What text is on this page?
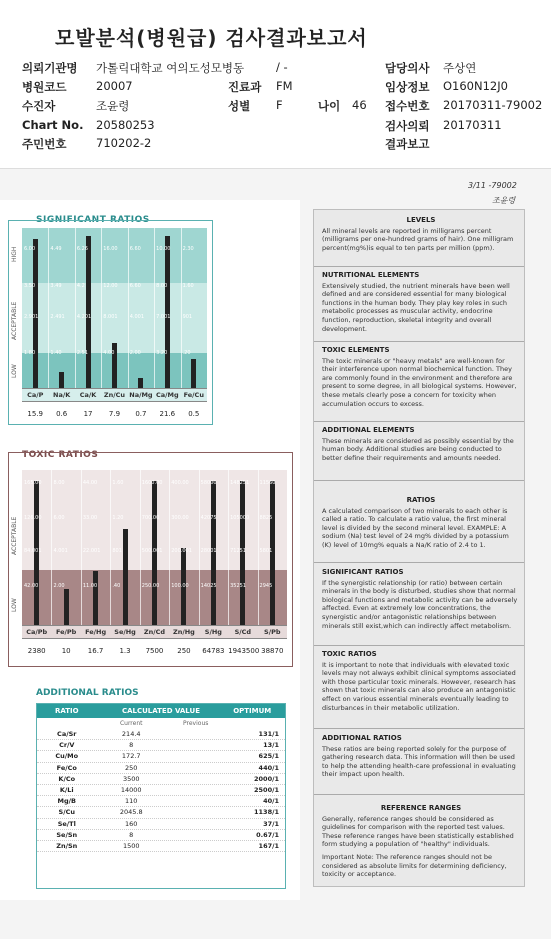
모발분석(병원급) 검사결과보고서
의뢰기관명 가톨릭대학교 여의도성모병동	/ -	담당의사 주상연
병원코드	20007	진료과 FM	임상정보 O160N12J0
수진자	조윤령	성별 F	나이 46 접수번호 20170311-79002
Chart No. 20580253	검사의뢰 20170311
주민번호	710202-2	결과보고
3/11 -79002
조윤령
SIGNIFICANT RATIOS
HIGH
ACCEPTABLE
LOW
TOXIC RATIOS
ACCEPTABLE
LOW
6.00
3.50
2.901
1.80
Ca/P
15.9
4.49
3.49
2.491
1.40
Na/K
0.6
6.26
4.2
4.201
2.51
Ca/K
17
16.00
12.00
8.001
4.00
Zn/Cu
7.9
6.60
6.60
4.001
2.00
Na/Mg
0.7
10.00
8.00
7.001
3.20
Ca/Mg
21.6
2.30
1.60
901
.20
Fe/Cu
0.5
165.00
126.00
84.001
42.00
Ca/Pb
2380
8.00
6.00
4.001
2.00
Fe/Pb
10
44.00
33.00
22.001
11.00
Fe/Hg
16.7
1.60
1.20
801
.40
Se/Hg
1.3
1600.00
700.00
500.001
250.00
Zn/Cd
7500
400.00
300.00
200.001
100.00
Zn/Hg
250
58000
42075
28001
14025
S/Hg
64783
148251
105000
71251
35251
S/Cd
1943500
11560
8825
5801
2945
S/Pb
38870
ADDITIONAL RATIOS
RATIO	CALCULATED VALUE	OPTIMUM
Current	Previous
Ca/Sr	214.4	131/1
Cr/V	8	13/1
Cu/Mo	172.7	625/1
Fe/Co	250	440/1
K/Co	3500	2000/1
K/Li	14000	2500/1
Mg/B	110	40/1
S/Cu	2045.8	1138/1
Se/Tl	160	37/1
Se/Sn	8	0.67/1
Zn/Sn	1500	167/1
LEVELS
All mineral levels are reported in milligrams percent (milligrams per one-hundred grams of hair). One milligram percent(mg%)is equal to ten parts per million (ppm).
NUTRITIONAL ELEMENTS
Extensively studied, the nutrient minerals have been well defined and are considered essential for many biological functions in the human body. They play key roles in such metabolic processes as muscular activity, endocrine function, reproduction, skeletal integrity and overall development.
TOXIC ELEMENTS
The toxic minerals or "heavy metals" are well-known for their interference upon normal biochemical function. They are commonly found in the environment and therefore are present to some degree, in all biological systems. However, these metals clearly pose a concern for toxicity when accumulation occurs to excess.
ADDITIONAL ELEMENTS
These minerals are considered as possibly essential by the human body. Additional studies are being conducted to better define their requirements and amounts needed.
RATIOS
A calculated comparison of two minerals to each other is called a ratio. To calculate a ratio value, the first mineral level is divided by the second mineral level. EXAMPLE: A sodium (Na) test level of 24 mg% divided by a potassium (K) level of 10mg% equals a Na/K ratio of 2.4 to 1.
SIGNIFICANT RATIOS
If the synergistic relationship (or ratio) between certain minerals in the body is disturbed, studies show that normal biological functions and metabolic activity can be adversely affected. Even at extremely low concentrations, the synergistic and/or antagonistic relationships between minerals still exist,which can indirectly affect metabolism.
TOXIC RATIOS
It is important to note that individuals with elevated toxic levels may not always exhibit clinical symptoms associated with those particular toxic minerals. However, research has shown that toxic minerals can also produce an antagonistic effect on various essential minerals eventually leading to disturbances in their metabolic utilization.
ADDITIONAL RATIOS
These ratios are being reported solely for the purpose of gathering research data. This information will then be used to help the attending health-care professional in evaluating their impact upon health.
REFERENCE RANGES
Generally, reference ranges should be considered as guidelines for comparison with the reported test values. These reference ranges have been statistically established form studying a population of "healthy" individuals.
Important Note: The reference ranges should not be considered as absolute limits for determining deficiency, toxicity or acceptance.
